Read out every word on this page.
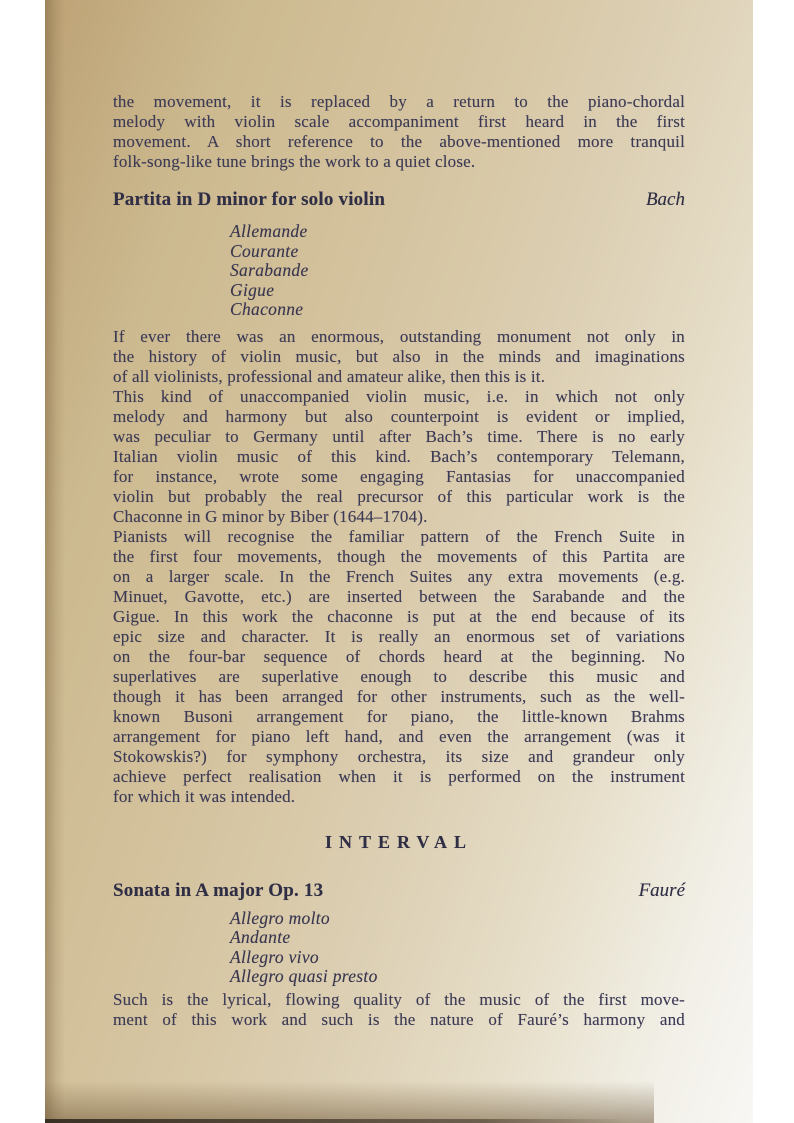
the movement, it is replaced by a return to the piano-chordal
melody with violin scale accompaniment first heard in the first
movement. A short reference to the above-mentioned more tranquil
folk-song-like tune brings the work to a quiet close.
Partita in D minor for solo violin	Bach
Allemande
Courante
Sarabande
Gigue
Chaconne
If ever there was an enormous, outstanding monument not only in
the history of violin music, but also in the minds and imaginations
of all violinists, professional and amateur alike, then this is it.
This kind of unaccompanied violin music, i.e. in which not only
melody and harmony but also counterpoint is evident or implied,
was peculiar to Germany until after Bach’s time. There is no early
Italian violin music of this kind. Bach’s contemporary Telemann,
for instance, wrote some engaging Fantasias for unaccompanied
violin but probably the real precursor of this particular work is the
Chaconne in G minor by Biber (1644–1704).
Pianists will recognise the familiar pattern of the French Suite in
the first four movements, though the movements of this Partita are
on a larger scale. In the French Suites any extra movements (e.g.
Minuet, Gavotte, etc.) are inserted between the Sarabande and the
Gigue. In this work the chaconne is put at the end because of its
epic size and character. It is really an enormous set of variations
on the four-bar sequence of chords heard at the beginning. No
superlatives are superlative enough to describe this music and
though it has been arranged for other instruments, such as the well-
known Busoni arrangement for piano, the little-known Brahms
arrangement for piano left hand, and even the arrangement (was it
Stokowskis?) for symphony orchestra, its size and grandeur only
achieve perfect realisation when it is performed on the instrument
for which it was intended.
INTERVAL
Sonata in A major Op. 13	Fauré
Allegro molto
Andante
Allegro vivo
Allegro quasi presto
Such is the lyrical, flowing quality of the music of the first move-
ment of this work and such is the nature of Fauré’s harmony and
